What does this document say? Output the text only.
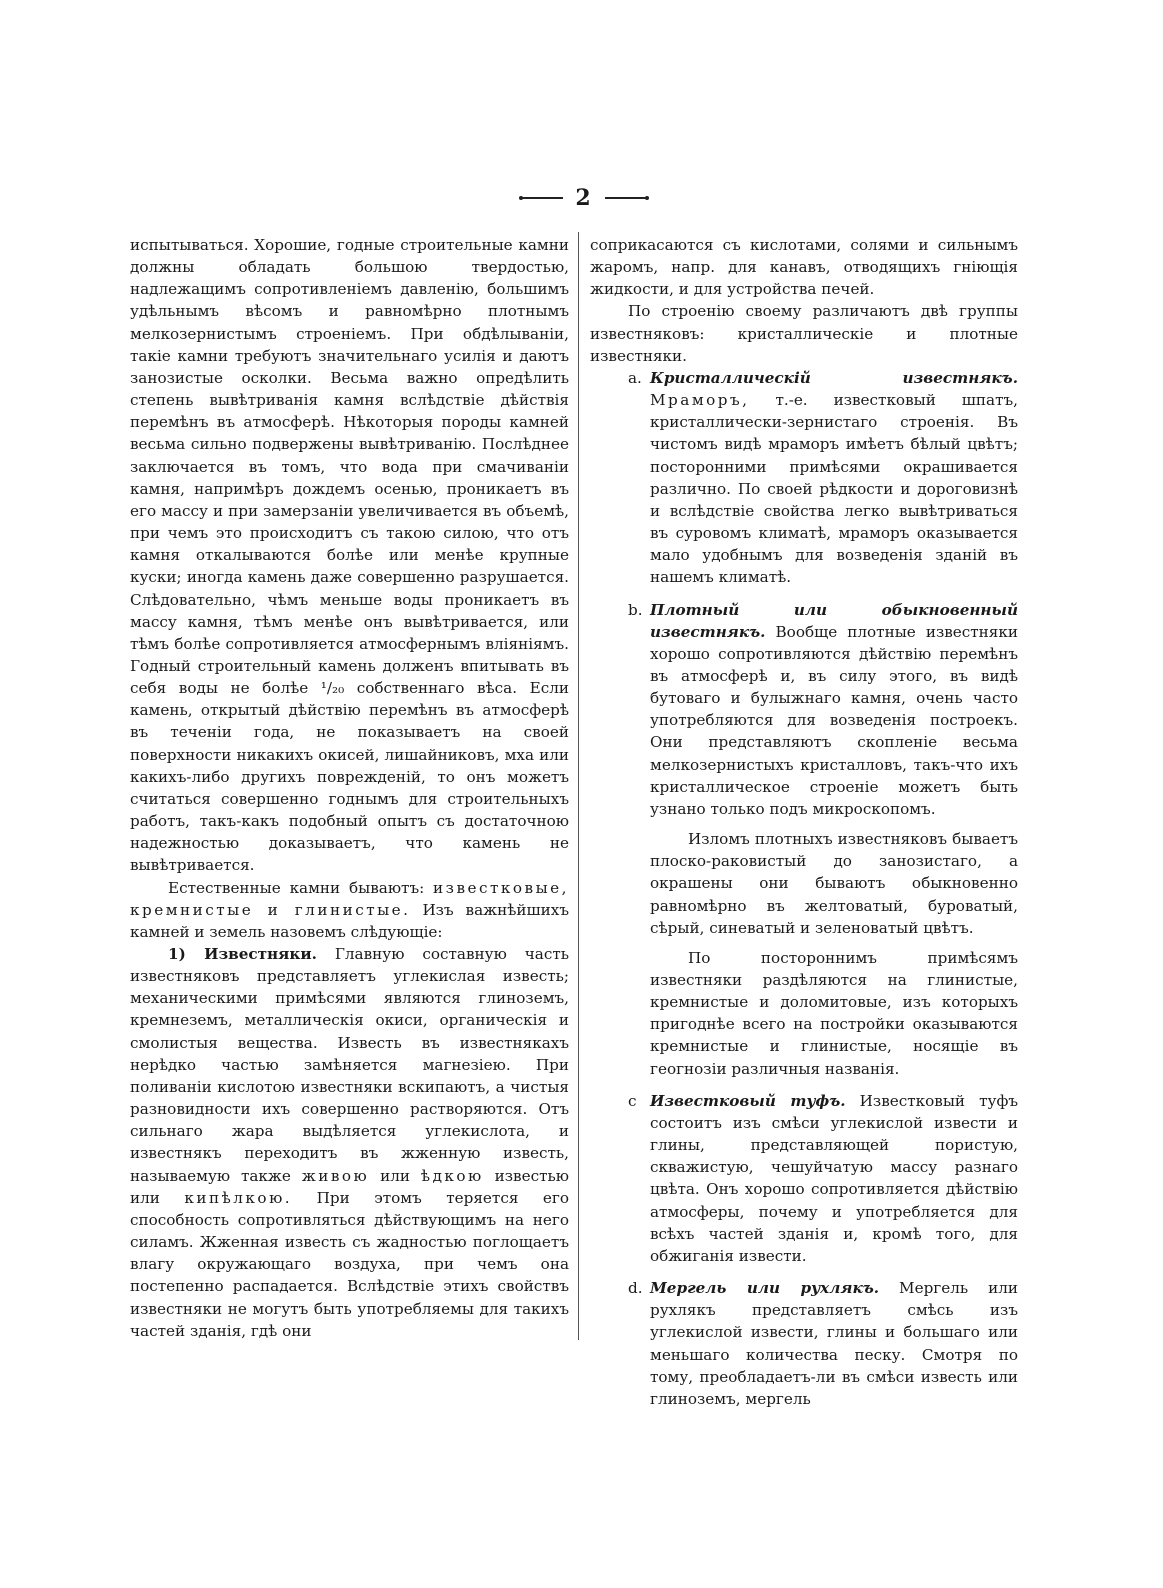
2

испытываться. Хорошие, годные строительные камни должны обладать большою твердостью, надлежащимъ сопротивленіемъ давленію, большимъ удѣльнымъ вѣсомъ и равномѣрно плотнымъ мелкозернистымъ строеніемъ. При обдѣлываніи, такіе камни требуютъ значительнаго усилія и даютъ занозистые осколки. Весьма важно опредѣлить степень вывѣтриванія камня вслѣдствіе дѣйствія перемѣнъ въ атмосферѣ. Нѣкоторыя породы камней весьма сильно подвержены вывѣтриванію. Послѣднее заключается въ томъ, что вода при смачиваніи камня, напримѣръ дождемъ осенью, проникаетъ въ его массу и при замерзаніи увеличивается въ объемѣ, при чемъ это происходитъ съ такою силою, что отъ камня откалываются болѣе или менѣе крупные куски; иногда камень даже совершенно разрушается. Слѣдовательно, чѣмъ меньше воды проникаетъ въ массу камня, тѣмъ менѣе онъ вывѣтривается, или тѣмъ болѣе сопротивляется атмосфернымъ вліяніямъ. Годный строительный камень долженъ впитывать въ себя воды не болѣе ¹/₂₀ собственнаго вѣса. Если камень, открытый дѣйствію перемѣнъ въ атмосферѣ въ теченіи года, не показываетъ на своей поверхности никакихъ окисей, лишайниковъ, мха или какихъ-либо другихъ поврежденій, то онъ можетъ считаться совершенно годнымъ для строительныхъ работъ, такъ-какъ подобный опытъ съ достаточною надежностью доказываетъ, что камень не вывѣтривается.

Естественные камни бываютъ: известковые, кремнистые и глинистые. Изъ важнѣйшихъ камней и земель назовемъ слѣдующіе:

1) Известняки. Главную составную часть известняковъ представляетъ углекислая известь; механическими примѣсями являются глиноземъ, кремнеземъ, металлическія окиси, органическія и смолистыя вещества. Известь въ известнякахъ нерѣдко частью замѣняется магнезіею. При поливаніи кислотою известняки вскипаютъ, а чистыя разновидности ихъ совершенно растворяются. Отъ сильнаго жара выдѣляется углекислота, и известнякъ переходитъ въ жженную известь, называемую также живою или ѣдкою известью или кипѣлкою. При этомъ теряется его способность сопротивляться дѣйствующимъ на него силамъ. Жженная известь съ жадностью поглощаетъ влагу окружающаго воздуха, при чемъ она постепенно распадается. Вслѣдствіе этихъ свойствъ известняки не могутъ быть употребляемы для такихъ частей зданія, гдѣ они

соприкасаются съ кислотами, солями и сильнымъ жаромъ, напр. для канавъ, отводящихъ гніющія жидкости, и для устройства печей.

По строенію своему различаютъ двѣ группы известняковъ: кристаллическіе и плотные известняки.

a. Кристаллическій известнякъ. Мраморъ, т.-е. известковый шпатъ, кристаллически-зернистаго строенія. Въ чистомъ видѣ мраморъ имѣетъ бѣлый цвѣтъ; посторонними примѣсями окрашивается различно. По своей рѣдкости и дороговизнѣ и вслѣдствіе свойства легко вывѣтриваться въ суровомъ климатѣ, мраморъ оказывается мало удобнымъ для возведенія зданій въ нашемъ климатѣ.

b. Плотный или обыкновенный известнякъ. Вообще плотные известняки хорошо сопротивляются дѣйствію перемѣнъ въ атмосферѣ и, въ силу этого, въ видѣ бутоваго и булыжнаго камня, очень часто употребляются для возведенія построекъ. Они представляютъ скопленіе весьма мелкозернистыхъ кристалловъ, такъ-что ихъ кристаллическое строеніе можетъ быть узнано только подъ микроскопомъ.

Изломъ плотныхъ известняковъ бываетъ плоско-раковистый до занозистаго, а окрашены они бываютъ обыкновенно равномѣрно въ желтоватый, буроватый, сѣрый, синеватый и зеленоватый цвѣтъ.

По постороннимъ примѣсямъ известняки раздѣляются на глинистые, кремнистые и доломитовые, изъ которыхъ пригоднѣе всего на постройки оказываются кремнистые и глинистые, носящіе въ геогнозіи различныя названія.

c Известковый туфъ. Известковый туфъ состоитъ изъ смѣси углекислой извести и глины, представляющей пористую, скважистую, чешуйчатую массу разнаго цвѣта. Онъ хорошо сопротивляется дѣйствію атмосферы, почему и употребляется для всѣхъ частей зданія и, кромѣ того, для обжиганія извести.

d. Мергель или рухлякъ. Мергель или рухлякъ представляетъ смѣсь изъ углекислой извести, глины и большаго или меньшаго количества песку. Смотря по тому, преобладаетъ-ли въ смѣси известь или глиноземъ, мергель
